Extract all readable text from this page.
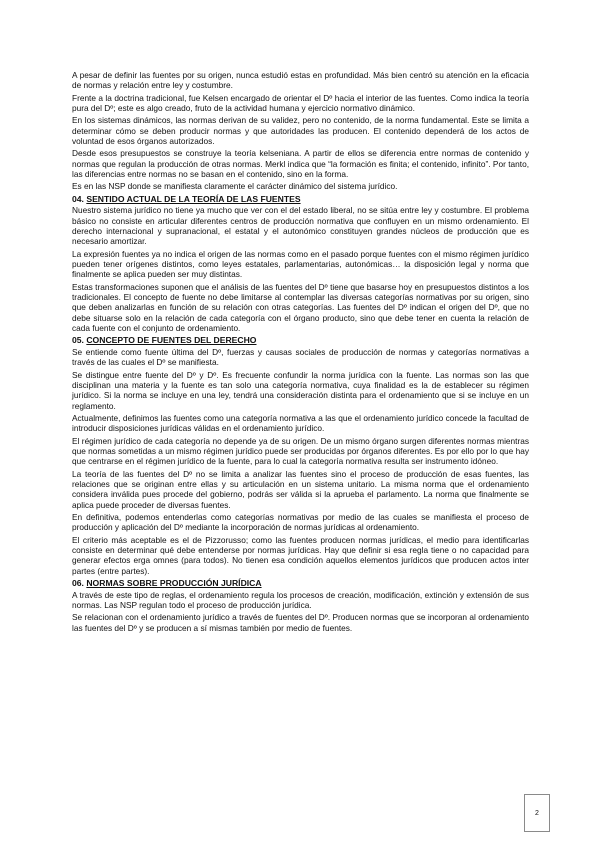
A pesar de definir las fuentes por su origen, nunca estudió estas en profundidad. Más bien centró su atención en la eficacia de normas y relación entre ley y costumbre.

Frente a la doctrina tradicional, fue Kelsen encargado de orientar el Dº hacia el interior de las fuentes. Como indica la teoría pura del Dº; este es algo creado, fruto de la actividad humana y ejercicio normativo dinámico.

En los sistemas dinámicos, las normas derivan de su validez, pero no contenido, de la norma fundamental. Este se limita a determinar cómo se deben producir normas y que autoridades las producen. El contenido dependerá de los actos de voluntad de esos órganos autorizados.

Desde esos presupuestos se construye la teoría kelseniana. A partir de ellos se diferencia entre normas de contenido y normas que regulan la producción de otras normas. Merkl indica que “la formación es finita; el contenido, infinito”. Por tanto, las diferencias entre normas no se basan en el contenido, sino en la forma.

Es en las NSP donde se manifiesta claramente el carácter dinámico del sistema jurídico.

04. SENTIDO ACTUAL DE LA TEORÍA DE LAS FUENTES

Nuestro sistema jurídico no tiene ya mucho que ver con el del estado liberal, no se sitúa entre ley y costumbre. El problema básico no consiste en articular diferentes centros de producción normativa que confluyen en un mismo ordenamiento. El derecho internacional y supranacional, el estatal y el autonómico constituyen grandes núcleos de producción que es necesario amortizar.

La expresión fuentes ya no indica el origen de las normas como en el pasado porque fuentes con el mismo régimen jurídico pueden tener orígenes distintos, como leyes estatales, parlamentarias, autonómicas… la disposición legal y norma que finalmente se aplica pueden ser muy distintas.

Estas transformaciones suponen que el análisis de las fuentes del Dº tiene que basarse hoy en presupuestos distintos a los tradicionales. El concepto de fuente no debe limitarse al contemplar las diversas categorías normativas por su origen, sino que deben analizarlas en función de su relación con otras categorías. Las fuentes del Dº indican el origen del Dº, que no debe situarse solo en la relación de cada categoría con el órgano producto, sino que debe tener en cuenta la relación de cada fuente con el conjunto de ordenamiento.

05. CONCEPTO DE FUENTES DEL DERECHO

Se entiende como fuente última del Dº, fuerzas y causas sociales de producción de normas y categorías normativas a través de las cuales el Dº se manifiesta.

Se distingue entre fuente del Dº y Dº. Es frecuente confundir la norma jurídica con la fuente. Las normas son las que disciplinan una materia y la fuente es tan solo una categoría normativa, cuya finalidad es la de establecer su régimen jurídico. Si la norma se incluye en una ley, tendrá una consideración distinta para el ordenamiento que si se incluye en un reglamento.

Actualmente, definimos las fuentes como una categoría normativa a las que el ordenamiento jurídico concede la facultad de introducir disposiciones jurídicas válidas en el ordenamiento jurídico.

El régimen jurídico de cada categoría no depende ya de su origen. De un mismo órgano surgen diferentes normas mientras que normas sometidas a un mismo régimen jurídico puede ser producidas por órganos diferentes. Es por ello por lo que hay que centrarse en el régimen jurídico de la fuente, para lo cual la categoría normativa resulta ser instrumento idóneo.

La teoría de las fuentes del Dº no se limita a analizar las fuentes sino el proceso de producción de esas fuentes, las relaciones que se originan entre ellas y su articulación en un sistema unitario. La misma norma que el ordenamiento considera inválida pues procede del gobierno, podrás ser válida si la aprueba el parlamento. La norma que finalmente se aplica puede proceder de diversas fuentes.

En definitiva, podemos entenderlas como categorías normativas por medio de las cuales se manifiesta el proceso de producción y aplicación del Dº mediante la incorporación de normas jurídicas al ordenamiento.

El criterio más aceptable es el de Pizzorusso; como las fuentes producen normas jurídicas, el medio para identificarlas consiste en determinar qué debe entenderse por normas jurídicas. Hay que definir si esa regla tiene o no capacidad para generar efectos erga omnes (para todos). No tienen esa condición aquellos elementos jurídicos que producen actos inter partes (entre partes).

06. NORMAS SOBRE PRODUCCIÓN JURÍDICA

A través de este tipo de reglas, el ordenamiento regula los procesos de creación, modificación, extinción y extensión de sus normas. Las NSP regulan todo el proceso de producción jurídica.

Se relacionan con el ordenamiento jurídico a través de fuentes del Dº. Producen normas que se incorporan al ordenamiento las fuentes del Dº y se producen a sí mismas también por medio de fuentes.

2
